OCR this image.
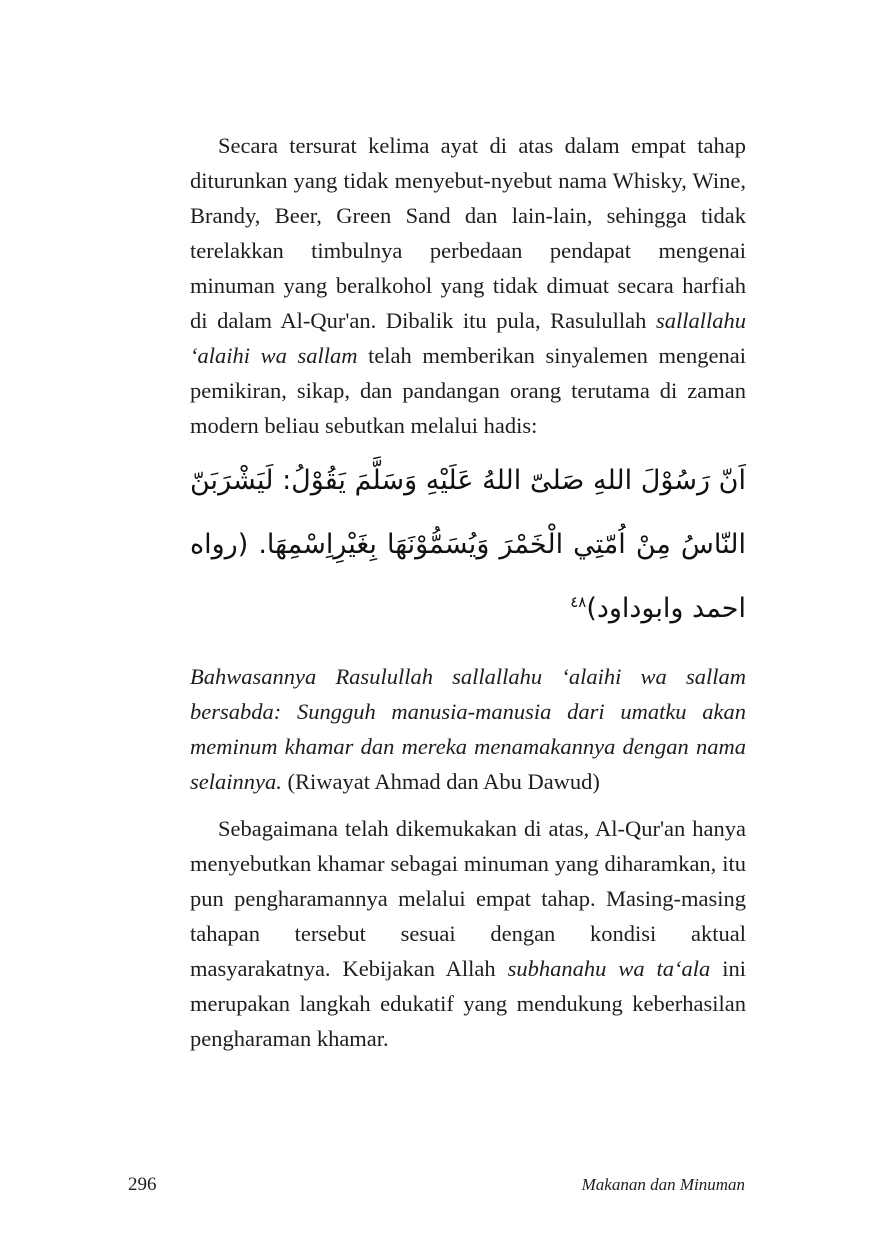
Secara tersurat kelima ayat di atas dalam empat tahap diturunkan yang tidak menyebut-nyebut nama Whisky, Wine, Brandy, Beer, Green Sand dan lain-lain, sehingga tidak terelakkan timbulnya perbedaan pendapat mengenai minuman yang beralkohol yang tidak dimuat secara harfiah di dalam Al-Qur'an. Dibalik itu pula, Rasulullah sallallahu ‘alaihi wa sallam telah memberikan sinyalemen mengenai pemikiran, sikap, dan pandangan orang terutama di zaman modern beliau sebutkan melalui hadis:

اَنّ رَسُوْلَ اللهِ صَلىّ اللهُ عَلَيْهِ وَسَلَّمَ يَقُوْلُ: لَيَشْرَبَنّ النّاسُ مِنْ اُمّتِي الْخَمْرَ وَيُسَمُّوْنَهَا بِغَيْرِاِسْمِهَا. (رواه احمد وابوداود)$^{٤٨}$

Bahwasannya Rasulullah sallallahu ‘alaihi wa sallam bersabda: Sungguh manusia-manusia dari umatku akan meminum khamar dan mereka menamakannya dengan nama selainnya. (Riwayat Ahmad dan Abu Dawud)

Sebagaimana telah dikemukakan di atas, Al-Qur'an hanya menyebutkan khamar sebagai minuman yang diharamkan, itu pun pengharamannya melalui empat tahap. Masing-masing tahapan tersebut sesuai dengan kondisi aktual masyarakatnya. Kebijakan Allah subhanahu wa ta‘ala ini merupakan langkah edukatif yang mendukung keberhasilan pengharaman khamar.

296	Makanan dan Minuman
